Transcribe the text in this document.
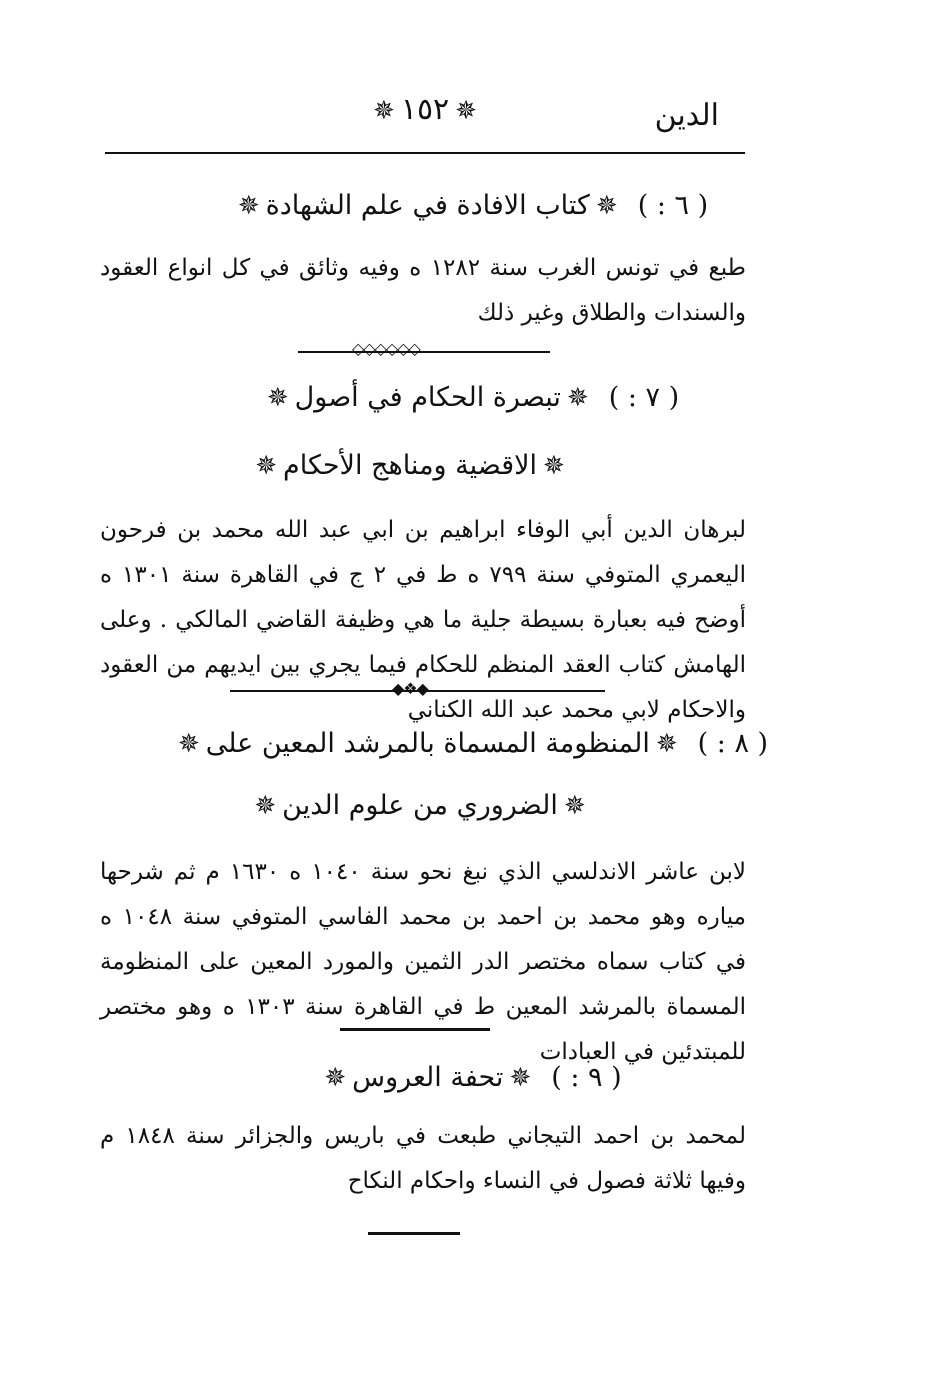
✵ ١٥٢ ✵	الدين
( ٦ : )✵كتاب الافادة في علم الشهادة✵
طبع في تونس الغرب سنة ١٢٨٢ ه وفيه وثائق في كل انواع العقود والسندات والطلاق وغير ذلك
◇◇◇◇◇◇
( ٧ : )✵تبصرة الحكام في أصول✵
✵الاقضية ومناهج الأحكام✵
لبرهان الدين أبي الوفاء ابراهيم بن ابي عبد الله محمد بن فرحون اليعمري المتوفي سنة ٧٩٩ ه ط في ٢ ج في القاهرة سنة ١٣٠١ ه أوضح فيه بعبارة بسيطة جلية ما هي وظيفة القاضي المالكي . وعلى الهامش كتاب العقد المنظم للحكام فيما يجري بين ايديهم من العقود والاحكام لابي محمد عبد الله الكناني
◆❖◆
( ٨ : )✵المنظومة المسماة بالمرشد المعين على✵
✵الضروري من علوم الدين✵
لابن عاشر الاندلسي الذي نبغ نحو سنة ١٠٤٠ ه ١٦٣٠ م ثم شرحها مياره وهو محمد بن احمد بن محمد الفاسي المتوفي سنة ١٠٤٨ ه في كتاب سماه مختصر الدر الثمين والمورد المعين على المنظومة المسماة بالمرشد المعين ط في القاهرة سنة ١٣٠٣ ه وهو مختصر للمبتدئين في العبادات
( ٩ : )✵تحفة العروس✵
لمحمد بن احمد التيجاني طبعت في باريس والجزائر سنة ١٨٤٨ م وفيها ثلاثة فصول في النساء واحكام النكاح
